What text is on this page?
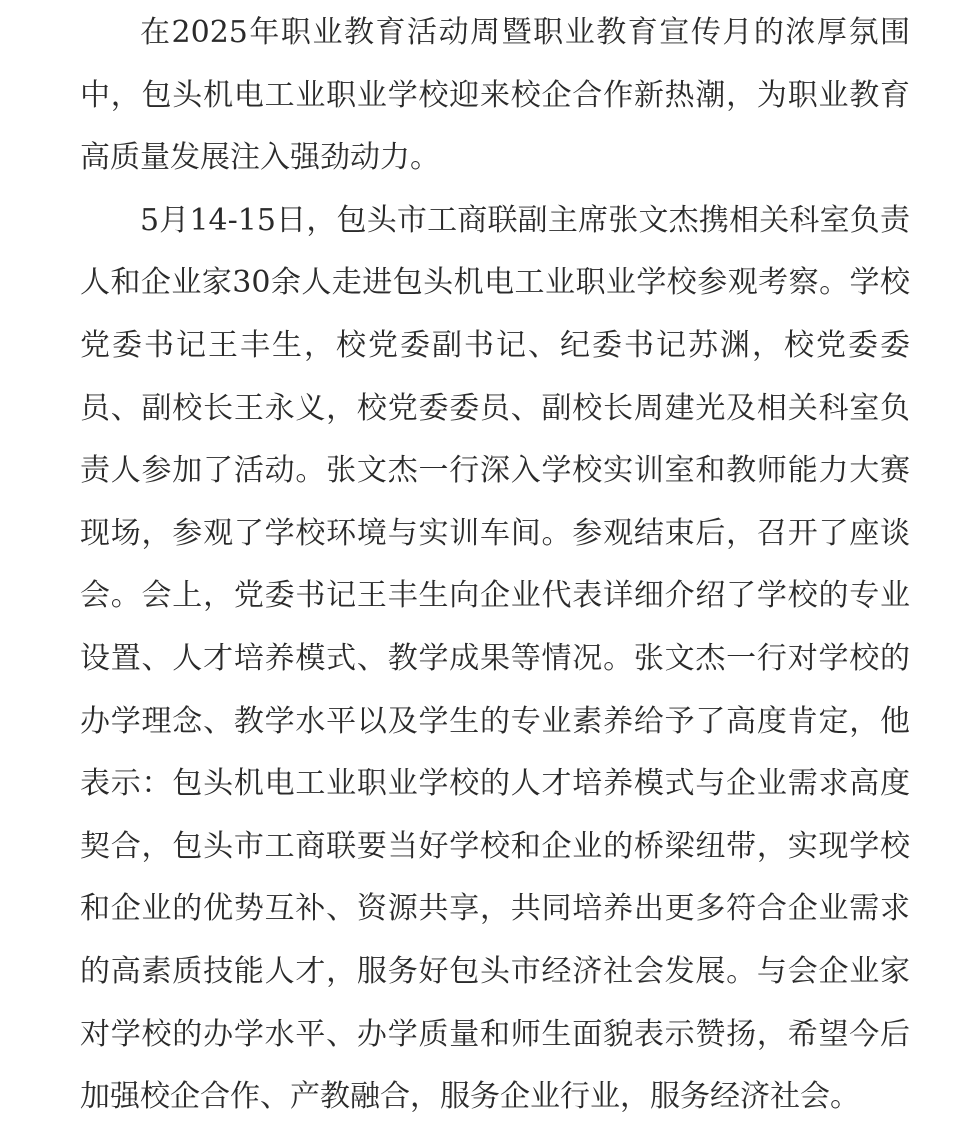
在2025年职业教育活动周暨职业教育宣传月的浓厚氛围中，包头机电工业职业学校迎来校企合作新热潮，为职业教育高质量发展注入强劲动力。

5月14-15日，包头市工商联副主席张文杰携相关科室负责人和企业家30余人走进包头机电工业职业学校参观考察。学校党委书记王丰生，校党委副书记、纪委书记苏渊，校党委委员、副校长王永义，校党委委员、副校长周建光及相关科室负责人参加了活动。张文杰一行深入学校实训室和教师能力大赛现场，参观了学校环境与实训车间。参观结束后，召开了座谈会。会上，党委书记王丰生向企业代表详细介绍了学校的专业设置、人才培养模式、教学成果等情况。张文杰一行对学校的办学理念、教学水平以及学生的专业素养给予了高度肯定，他表示：包头机电工业职业学校的人才培养模式与企业需求高度契合，包头市工商联要当好学校和企业的桥梁纽带，实现学校和企业的优势互补、资源共享，共同培养出更多符合企业需求的高素质技能人才，服务好包头市经济社会发展。与会企业家对学校的办学水平、办学质量和师生面貌表示赞扬，希望今后加强校企合作、产教融合，服务企业行业，服务经济社会。
